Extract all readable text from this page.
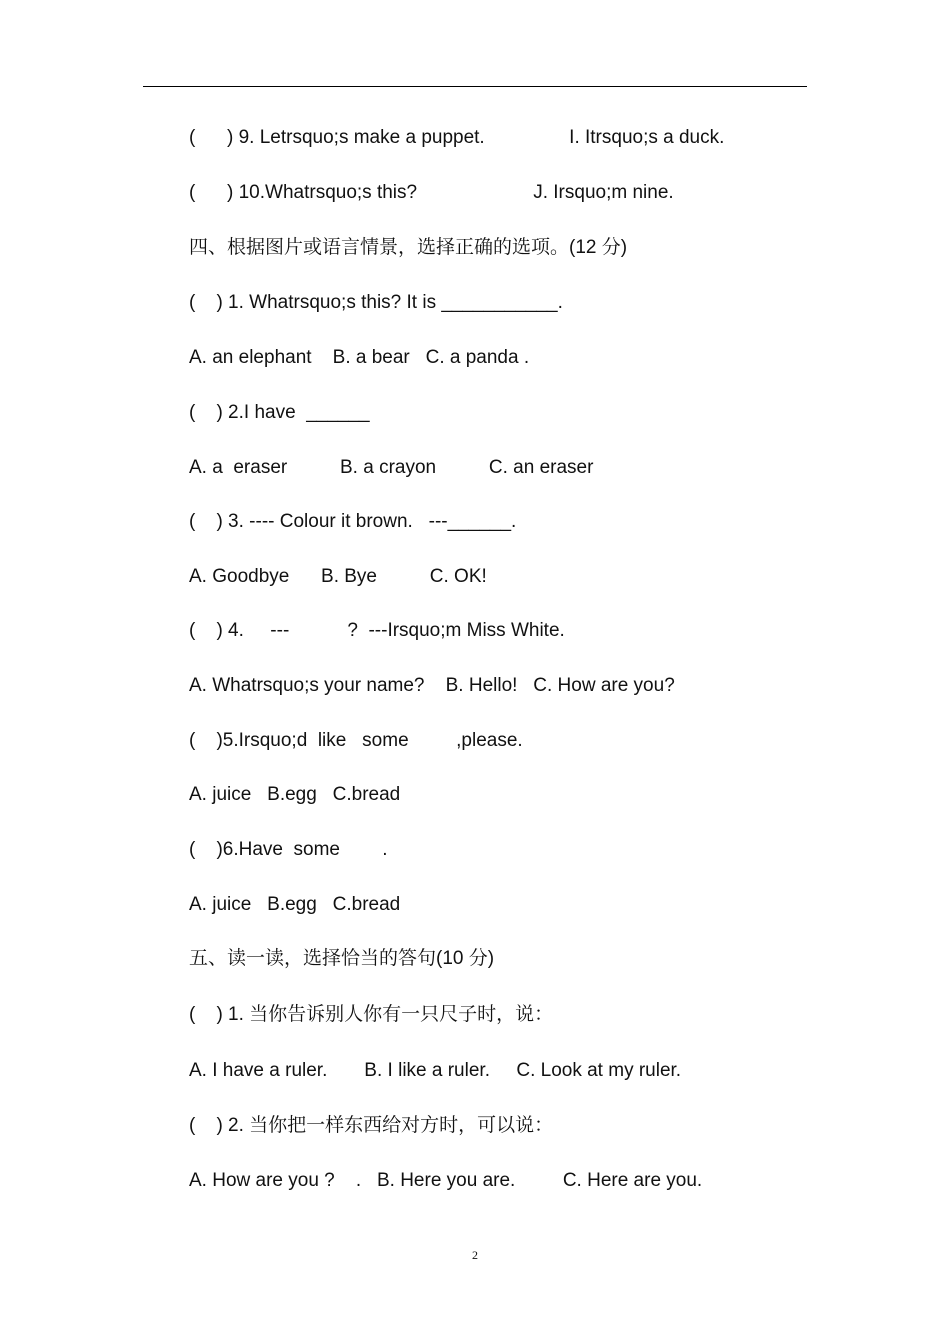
(      ) 9. Letrsquo;s make a puppet.                I. Itrsquo;s a duck.
(      ) 10.Whatrsquo;s this?                      J. Irsquo;m nine.
四、根据图片或语言情景，选择正确的选项。(12 分)
(    ) 1. Whatrsquo;s this? It is ___________.
A. an elephant    B. a bear   C. a panda .
(    ) 2.I have  ______
A. a  eraser          B. a crayon          C. an eraser
(    ) 3. ---- Colour it brown.   ---______.
A. Goodbye      B. Bye          C. OK!
(    ) 4.     ---           ?  ---Irsquo;m Miss White.
A. Whatrsquo;s your name?    B. Hello!   C. How are you?
(    )5.Irsquo;d  like   some         ,please.
A. juice   B.egg   C.bread
(    )6.Have  some        .
A. juice   B.egg   C.bread
五、读一读，选择恰当的答句(10 分)
(    ) 1. 当你告诉别人你有一只尺子时，说：
A. I have a ruler.       B. I like a ruler.     C. Look at my ruler.
(    ) 2. 当你把一样东西给对方时，可以说：
A. How are you ?    .   B. Here you are.         C. Here are you.
2
